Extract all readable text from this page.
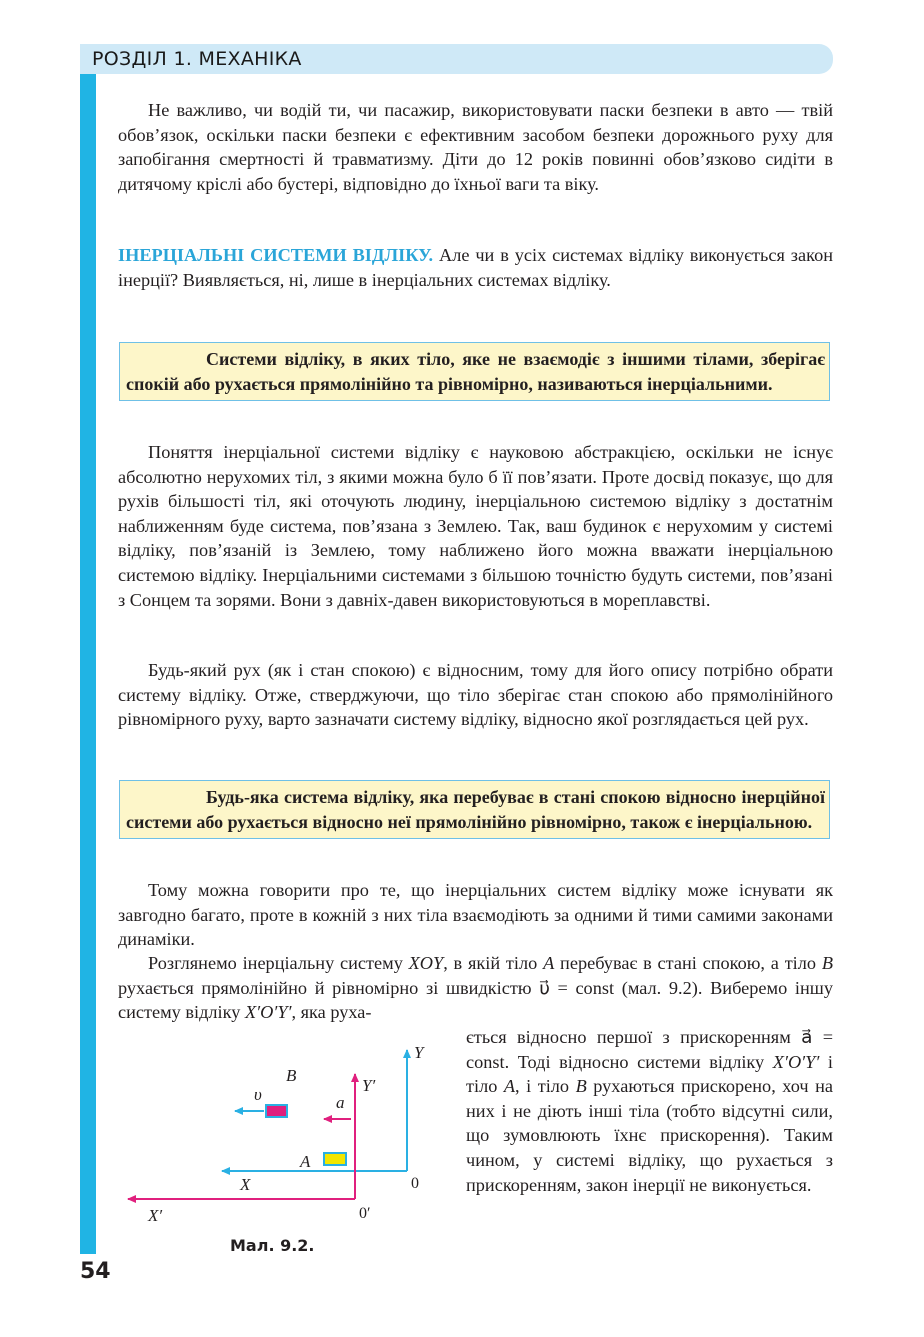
РОЗДІЛ 1. МЕХАНІКА

Не важливо, чи водій ти, чи пасажир, використовувати паски безпеки в авто — твій обов’язок, оскільки паски безпеки є ефективним засобом безпеки дорожнього руху для запобігання смертності й травматизму. Діти до 12 років повинні обов’язково сидіти в дитячому кріслі або бустері, відповідно до їхньої ваги та віку.

ІНЕРЦІАЛЬНІ СИСТЕМИ ВІДЛІКУ. Але чи в усіх системах відліку виконується закон інерції? Виявляється, ні, лише в інерціальних системах відліку.

Системи відліку, в яких тіло, яке не взаємодіє з іншими тілами, зберігає спокій або рухається прямолінійно та рівномірно, називаються інерціальними.

Поняття інерціальної системи відліку є науковою абстракцією, оскільки не існує абсолютно нерухомих тіл, з якими можна було б її пов’язати. Проте досвід показує, що для рухів більшості тіл, які оточують людину, інерціальною системою відліку з достатнім наближенням буде система, пов’язана з Землею. Так, ваш будинок є нерухомим у системі відліку, пов’язаній із Землею, тому наближено його можна вважати інерціальною системою відліку. Інерціальними системами з більшою точністю будуть системи, пов’язані з Сонцем та зорями. Вони з давніх-давен використовуються в мореплавстві.

Будь-який рух (як і стан спокою) є відносним, тому для його опису потрібно обрати систему відліку. Отже, стверджуючи, що тіло зберігає стан спокою або прямолінійного рівномірного руху, варто зазначати систему відліку, відносно якої розглядається цей рух.

Будь-яка система відліку, яка перебуває в стані спокою відносно інерційної системи або рухається відносно неї прямолінійно рівномірно, також є інерціальною.

Тому можна говорити про те, що інерціальних систем відліку може існувати як завгодно багато, проте в кожній з них тіла взаємодіють за одними й тими самими законами динаміки.

Розглянемо інерціальну систему XOY, в якій тіло A перебуває в стані спокою, а тіло B рухається прямолінійно й рівномірно зі швидкістю υ⃗ = const (мал. 9.2). Виберемо іншу систему відліку X′O′Y′, яка руха-

ється відносно першої з прискоренням a⃗ = const. Тоді відносно системи відліку X′O′Y′ і тіло A, і тіло B рухаються прискорено, хоч на них і не діють інші тіла (тобто відсутні сили, що зумовлюють їхнє прискорення). Таким чином, у системі відліку, що рухається з прискоренням, закон інерції не виконується.

Y
Y′
X
X′
B
A
υ⃗	a⃗
0
0′
Мал. 9.2.
54
